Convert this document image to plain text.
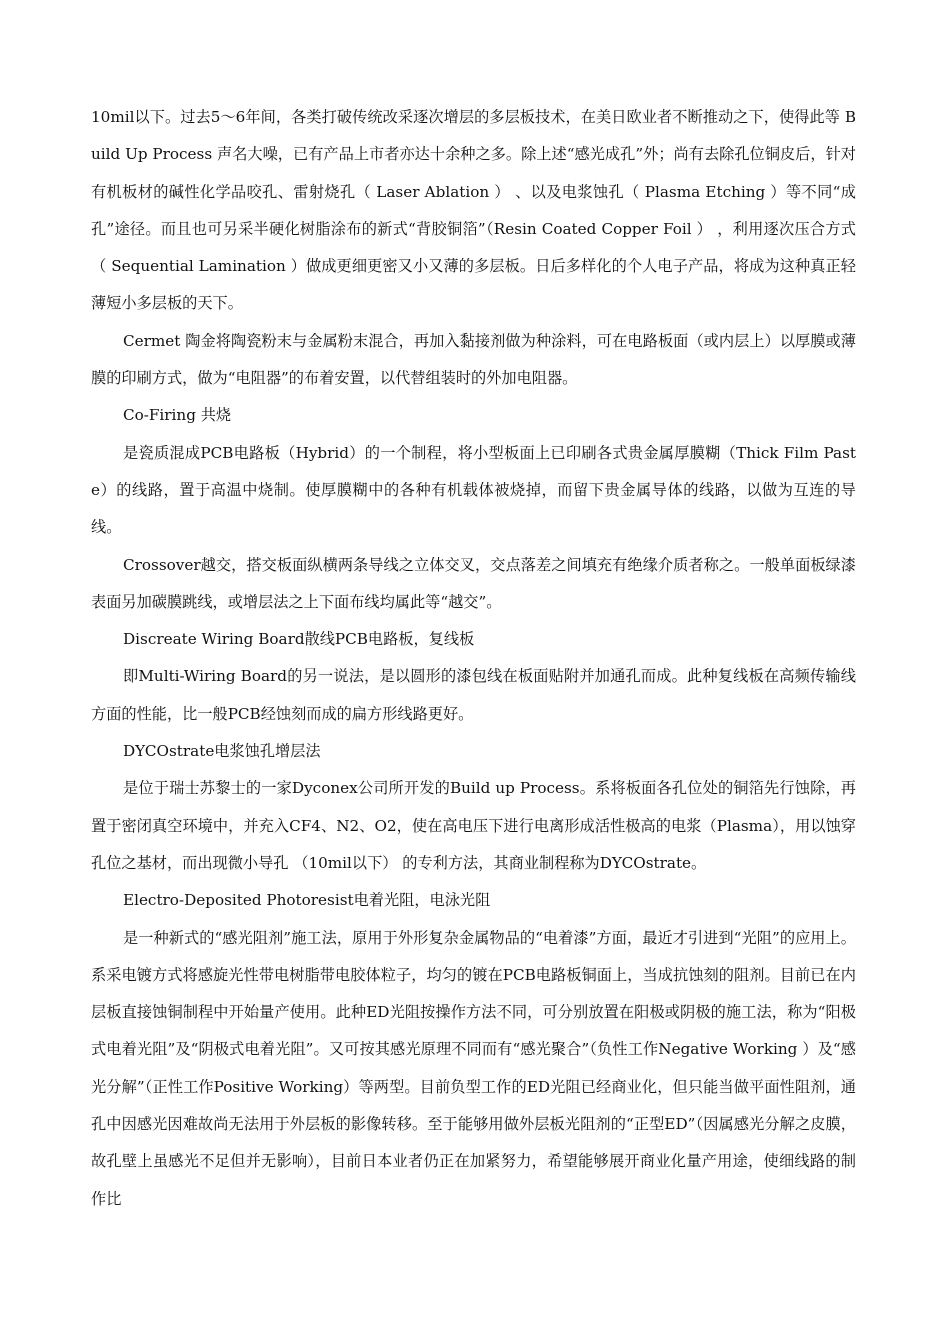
10mil以下。过去5～6年间，各类打破传统改采逐次增层的多层板技术，在美日欧业者不断推动之下，使得此等 Build Up Process 声名大噪，已有产品上市者亦达十余种之多。除上述“感光成孔”外；尚有去除孔位铜皮后，针对有机板材的碱性化学品咬孔、雷射烧孔（ Laser Ablation ） 、以及电浆蚀孔（ Plasma Etching ）等不同“成孔”途径。而且也可另采半硬化树脂涂布的新式“背胶铜箔”（Resin Coated Copper Foil ） ，利用逐次压合方式 （ Sequential Lamination ）做成更细更密又小又薄的多层板。日后多样化的个人电子产品，将成为这种真正轻薄短小多层板的天下。

Cermet 陶金将陶瓷粉末与金属粉末混合，再加入黏接剂做为种涂料，可在电路板面（或内层上）以厚膜或薄膜的印刷方式，做为“电阻器”的布着安置，以代替组装时的外加电阻器。

Co-Firing 共烧

是瓷质混成PCB电路板（Hybrid）的一个制程，将小型板面上已印刷各式贵金属厚膜糊（Thick Film Paste）的线路，置于高温中烧制。使厚膜糊中的各种有机载体被烧掉，而留下贵金属导体的线路，以做为互连的导线。

Crossover越交，搭交板面纵横两条导线之立体交叉，交点落差之间填充有绝缘介质者称之。一般单面板绿漆表面另加碳膜跳线，或增层法之上下面布线均属此等“越交”。

Discreate Wiring Board散线PCB电路板，复线板

即Multi-Wiring Board的另一说法，是以圆形的漆包线在板面贴附并加通孔而成。此种复线板在高频传输线方面的性能，比一般PCB经蚀刻而成的扁方形线路更好。

DYCOstrate电浆蚀孔增层法

是位于瑞士苏黎士的一家Dyconex公司所开发的Build up Process。系将板面各孔位处的铜箔先行蚀除，再置于密闭真空环境中，并充入CF4、N2、O2，使在高电压下进行电离形成活性极高的电浆（Plasma），用以蚀穿孔位之基材，而出现微小导孔 （10mil以下） 的专利方法，其商业制程称为DYCOstrate。

Electro-Deposited Photoresist电着光阻，电泳光阻

是一种新式的“感光阻剂”施工法，原用于外形复杂金属物品的“电着漆”方面，最近才引进到“光阻”的应用上。系采电镀方式将感旋光性带电树脂带电胶体粒子，均匀的镀在PCB电路板铜面上，当成抗蚀刻的阻剂。目前已在内层板直接蚀铜制程中开始量产使用。此种ED光阻按操作方法不同，可分别放置在阳极或阴极的施工法，称为“阳极式电着光阻”及“阴极式电着光阻”。又可按其感光原理不同而有“感光聚合”（负性工作Negative Working ）及“感光分解”（正性工作Positive Working）等两型。目前负型工作的ED光阻已经商业化，但只能当做平面性阻剂，通孔中因感光因难故尚无法用于外层板的影像转移。至于能够用做外层板光阻剂的“正型ED”（因属感光分解之皮膜，故孔壁上虽感光不足但并无影响），目前日本业者仍正在加紧努力，希望能够展开商业化量产用途，使细线路的制作比
